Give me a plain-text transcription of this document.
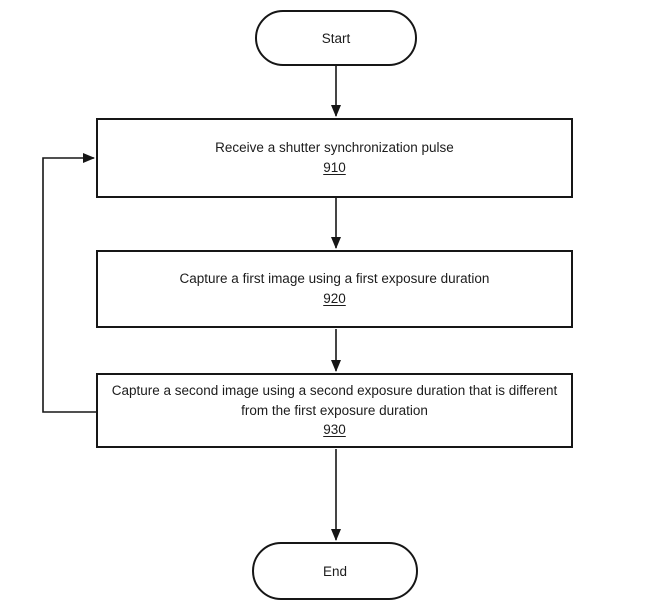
Start
Receive a shutter synchronization pulse
910
Capture a first image using a first exposure duration
920
Capture a second image using a second exposure duration that is different from the first exposure duration
930
End
